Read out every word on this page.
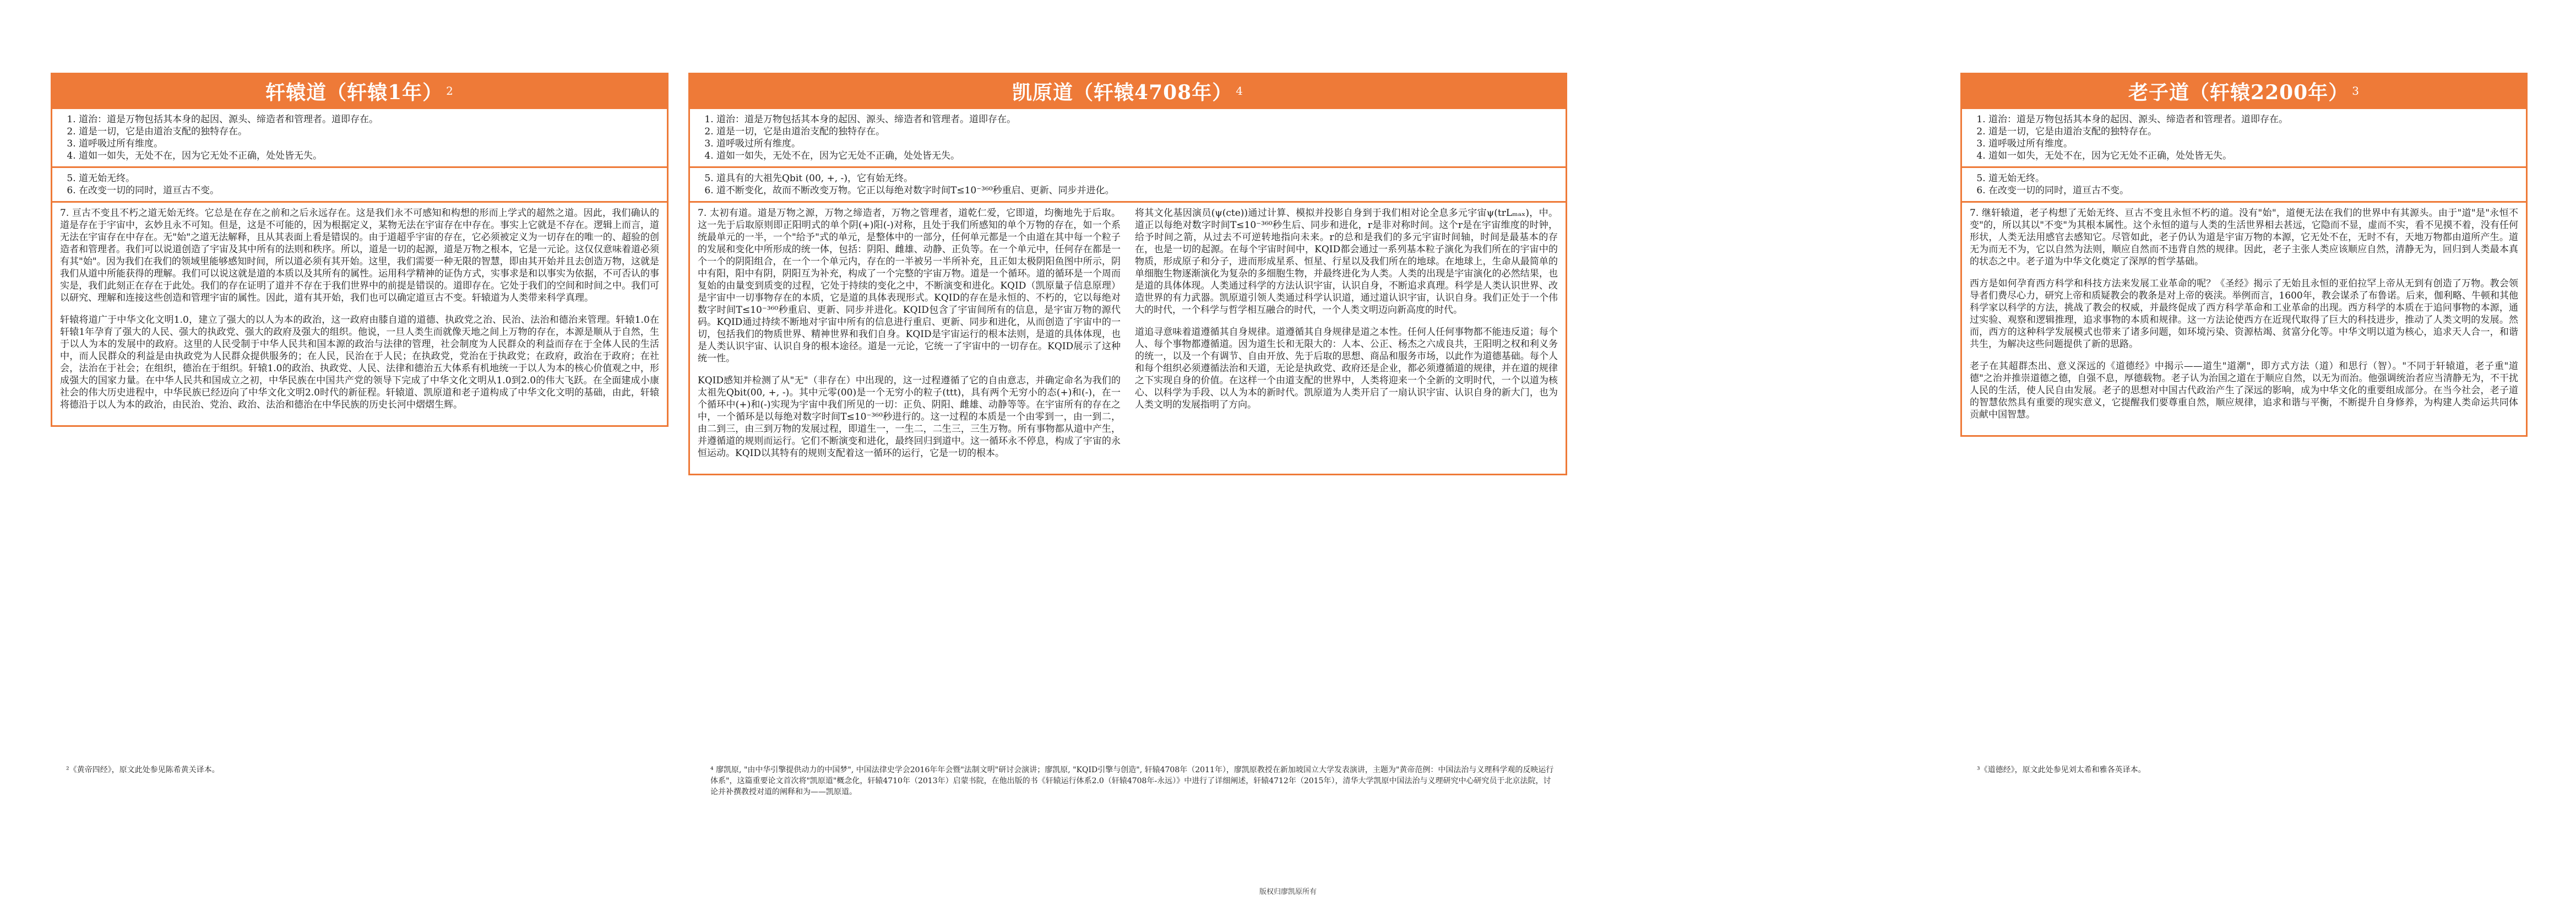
轩辕道（轩辕1年） 2
1. 道治：道是万物包括其本身的起因、源头、缔造者和管理者。道即存在。
2. 道是一切，它是由道治支配的独特存在。
3. 道呼吸过所有维度。
4. 道如一如失，无处不在，因为它无处不正确，处处皆无失。
5. 道无始无终。
6. 在改变一切的同时，道亘古不变。

7. 亘古不变且不朽之道无始无终。它总是在存在之前和之后永远存在。这是我们永不可感知和构想的形而上学式的超然之道。因此，我们确认的道是存在于宇宙中，玄妙且永不可知。但是，这是不可能的，因为根据定义，某物无法在宇宙存在中存在。事实上它就是不存在。逻辑上而言，道无法在宇宙存在中存在。无"始"之道无法解释，且从其表面上看是错误的。由于道超乎宇宙的存在，它必须被定义为一切存在的唯一的、超验的创造者和管理者。我们可以说道创造了宇宙及其中所有的法则和秩序。所以，道是一切的起源，道是万物之根本，它是一元论。这仅仅意味着道必须有其"始"。因为我们在我们的领域里能够感知时间，所以道必须有其开始。这里，我们需要一种无限的智慧，即由其开始并且去创造万物，这就是我们从道中所能获得的理解。我们可以说这就是道的本质以及其所有的属性。运用科学精神的证伪方式，实事求是和以事实为依据，不可否认的事实是，我们此刻正在存在于此处。我们的存在证明了道并不存在于我们世界中的前提是错误的。道即存在。它处于我们的空间和时间之中。我们可以研究、理解和连接这些创造和管理宇宙的属性。因此，道有其开始，我们也可以确定道亘古不变。轩辕道为人类带来科学真理。

轩辕将道广于中华文化文明1.0，建立了强大的以人为本的政治，这一政府由膝自道的道德、执政党之治、民治、法治和德治来管理。轩辕1.0在轩辕1年孕育了强大的人民、强大的执政党、强大的政府及强大的组织。他说，一旦人类生而就像天地之间上万物的存在，本源是顺从于自然，生于以人为本的发展中的政府。这里的人民受制于中华人民共和国本源的政治与法律的管理，社会制度为人民群众的利益而存在于全体人民的生活中，而人民群众的利益是由执政党为人民群众提供服务的；在人民，民治在于人民；在执政党，党治在于执政党；在政府，政治在于政府；在社会，法治在于社会；在组织，德治在于组织。轩辕1.0的政治、执政党、人民、法律和德治五大体系有机地统一于以人为本的核心价值观之中，形成强大的国家力量。在中华人民共和国成立之初，中华民族在中国共产党的领导下完成了中华文化文明从1.0到2.0的伟大飞跃。在全面建成小康社会的伟大历史进程中，中华民族已经迈向了中华文化文明2.0时代的新征程。轩辕道、凯原道和老子道构成了中华文化文明的基础，由此，轩辕将德沿于以人为本的政治，由民治、党治、政治、法治和德治在中华民族的历史长河中熠熠生辉。

凯原道（轩辕4708年） 4
1. 道治：道是万物包括其本身的起因、源头、缔造者和管理者。道即存在。
2. 道是一切，它是由道治支配的独特存在。
3. 道呼吸过所有维度。
4. 道如一如失，无处不在，因为它无处不正确，处处皆无失。
5. 道具有的大祖先Qbit (00, +, -)，它有始无终。
6. 道不断变化，故而不断改变万物。它正以每绝对数字时间T≤10⁻³⁶⁰秒重启、更新、同步并进化。

7. 太初有道。道是万物之源，万物之缔造者，万物之管理者，道乾仁爱，它即道，均衡地先于后取。这一先于后取原则即正阳明式的单个阴(+)阳(-)对称，且处于我们所感知的单个万物的存在，如一个系统最单元的一半，一个"给予"式的单元，是整体中的一部分，任何单元都是一个由道在其中每一个粒子的发展和变化中所形成的统一体，包括：阴阳、雌雄、动静、正负等。在一个单元中，任何存在都是一个一个的阴阳组合，在一个一个单元内，存在的一半被另一半所补充，且正如太极阴阳鱼图中所示，阴中有阳，阳中有阴，阴阳互为补充，构成了一个完整的宇宙万物。道是一个循环。道的循环是一个周而复始的由量变到质变的过程，它处于持续的变化之中，不断演变和进化。KQID（凯原量子信息原理）是宇宙中一切事物存在的本质，它是道的具体表现形式。KQID的存在是永恒的、不朽的，它以每绝对数字时间T≤10⁻³⁶⁰秒重启、更新、同步并进化。KQID包含了宇宙间所有的信息，是宇宙万物的源代码。KQID通过持续不断地对宇宙中所有的信息进行重启、更新、同步和进化，从而创造了宇宙中的一切，包括我们的物质世界、精神世界和我们自身。KQID是宇宙运行的根本法则，是道的具体体现，也是人类认识宇宙、认识自身的根本途径。道是一元论，它统一了宇宙中的一切存在。KQID展示了这种统一性。

KQID感知并检测了从"无"（非存在）中出现的，这一过程遵循了它的自由意志，并确定命名为我们的太祖先Qbit(00, +, -)。其中元零(00)是一个无穷小的粒子(ttt)，具有两个无穷小的态(+)和(-)，在一个循环中(+)和(-)实现为宇宙中我们所见的一切：正负、阴阳、雌雄、动静等等。在宇宙所有的存在之中，一个循环是以每绝对数字时间T≤10⁻³⁶⁰秒进行的。这一过程的本质是一个由零到一，由一到二，由二到三，由三到万物的发展过程，即道生一，一生二，二生三，三生万物。所有事物都从道中产生，并遵循道的规则而运行。它们不断演变和进化，最终回归到道中。这一循环永不停息，构成了宇宙的永恒运动。KQID以其特有的规则支配着这一循环的运行，它是一切的根本。

将其文化基因演员(ψ(cte))通过计算、模拟并投影自身到于我们相对论全息多元宇宙ψ(trLₘₐₓ)，中。道正以每绝对数字时间T≤10⁻³⁶⁰秒生后、同步和进化，r是非对称时间。这个r是在宇宙维度的时钟，给予时间之箭，从过去不可逆转地指向未来。r的总和是我们的多元宇宙时间轴，时间是最基本的存在，也是一切的起源。在每个宇宙时间中，KQID都会通过一系列基本粒子演化为我们所在的宇宙中的物质，形成原子和分子，进而形成星系、恒星、行星以及我们所在的地球。在地球上，生命从最简单的单细胞生物逐渐演化为复杂的多细胞生物，并最终进化为人类。人类的出现是宇宙演化的必然结果，也是道的具体体现。人类通过科学的方法认识宇宙，认识自身，不断追求真理。科学是人类认识世界、改造世界的有力武器。凯原道引领人类通过科学认识道，通过道认识宇宙，认识自身。我们正处于一个伟大的时代，一个科学与哲学相互融合的时代，一个人类文明迈向新高度的时代。

道追寻意味着道遵循其自身规律。道遵循其自身规律是道之本性。任何人任何事物都不能违反道；每个人、每个事物都遵循道。因为道生长和无限大的：人本、公正、杨杰之六成良共，王阳明之权和利义务的统一，以及一个有调节、自由开放、先于后取的思想、商品和服务市场，以此作为道德基础。每个人和每个组织必须遵循法治和天道，无论是执政党、政府还是企业，都必须遵循道的规律，并在道的规律之下实现自身的价值。在这样一个由道支配的世界中，人类将迎来一个全新的文明时代，一个以道为核心、以科学为手段、以人为本的新时代。凯原道为人类开启了一扇认识宇宙、认识自身的新大门，也为人类文明的发展指明了方向。

老子道（轩辕2200年） 3
1. 道治：道是万物包括其本身的起因、源头、缔造者和管理者。道即存在。
2. 道是一切，它是由道治支配的独特存在。
3. 道呼吸过所有维度。
4. 道如一如失，无处不在，因为它无处不正确，处处皆无失。
5. 道无始无终。
6. 在改变一切的同时，道亘古不变。

7. 继轩辕道，老子构想了无始无终、亘古不变且永恒不朽的道。没有"始"，道便无法在我们的世界中有其源头。由于"道"是"永恒不变"的，所以其以"不变"为其根本属性。这个永恒的道与人类的生活世界相去甚远，它隐而不显，虚而不实，看不见摸不着，没有任何形状，人类无法用感官去感知它。尽管如此，老子仍认为道是宇宙万物的本源，它无处不在，无时不有，天地万物都由道所产生。道无为而无不为，它以自然为法则，顺应自然而不违背自然的规律。因此，老子主张人类应该顺应自然，清静无为，回归到人类最本真的状态之中。老子道为中华文化奠定了深厚的哲学基础。

西方是如何孕育西方科学和科技方法来发展工业革命的呢？《圣经》揭示了无始且永恒的亚伯拉罕上帝从无到有创造了万物。教会领导者们费尽心力，研究上帝和质疑教会的教条是对上帝的亵渎。举例而言，1600年，教会谋杀了布鲁诺。后来，伽利略、牛顿和其他科学家以科学的方法，挑战了教会的权威，并最终促成了西方科学革命和工业革命的出现。西方科学的本质在于追问事物的本源，通过实验、观察和逻辑推理，追求事物的本质和规律。这一方法论使西方在近现代取得了巨大的科技进步，推动了人类文明的发展。然而，西方的这种科学发展模式也带来了诸多问题，如环境污染、资源枯竭、贫富分化等。中华文明以道为核心，追求天人合一，和谐共生，为解决这些问题提供了新的思路。

老子在其超群杰出、意义深远的《道德经》中揭示——道生"道潮"，即方式方法（道）和思行（智）。"不同于轩辕道，老子重"道德"之治并推崇道德之德，自强不息，厚德载物。老子认为治国之道在于顺应自然，以无为而治。他强调统治者应当清静无为，不干扰人民的生活，使人民自由发展。老子的思想对中国古代政治产生了深远的影响，成为中华文化的重要组成部分。在当今社会，老子道的智慧依然具有重要的现实意义，它提醒我们要尊重自然，顺应规律，追求和谐与平衡，不断提升自身修养，为构建人类命运共同体贡献中国智慧。

²《黄帝四经》，原文此处参见陈希黄关译本。	⁴ 廖凯原, "由中华引擎提供动力的中国梦", 中国法律史学会2016年年会暨"法制文明"研讨会演讲；廖凯原, "KQID引擎与创造", 轩辕4708年（2011年），廖凯原教授在新加坡国立大学发表演讲，主题为"黄帝范例：中国法治与义理科学观的反映运行体系"，这篇重要论文首次将"凯原道"概念化，轩辕4710年（2013年）启蒙书院，在他出版的书《轩辕运行体系2.0（轩辕4708年-永远）》中进行了详细阐述，轩辕4712年（2015年），清华大学凯原中国法治与义理研究中心研究员于北京法院，讨论并补撰教授对道的阐释和为——凯原道。
³《道德经》，原文此处参见刘太希和雅各英译本。
版权归廖凯原所有
